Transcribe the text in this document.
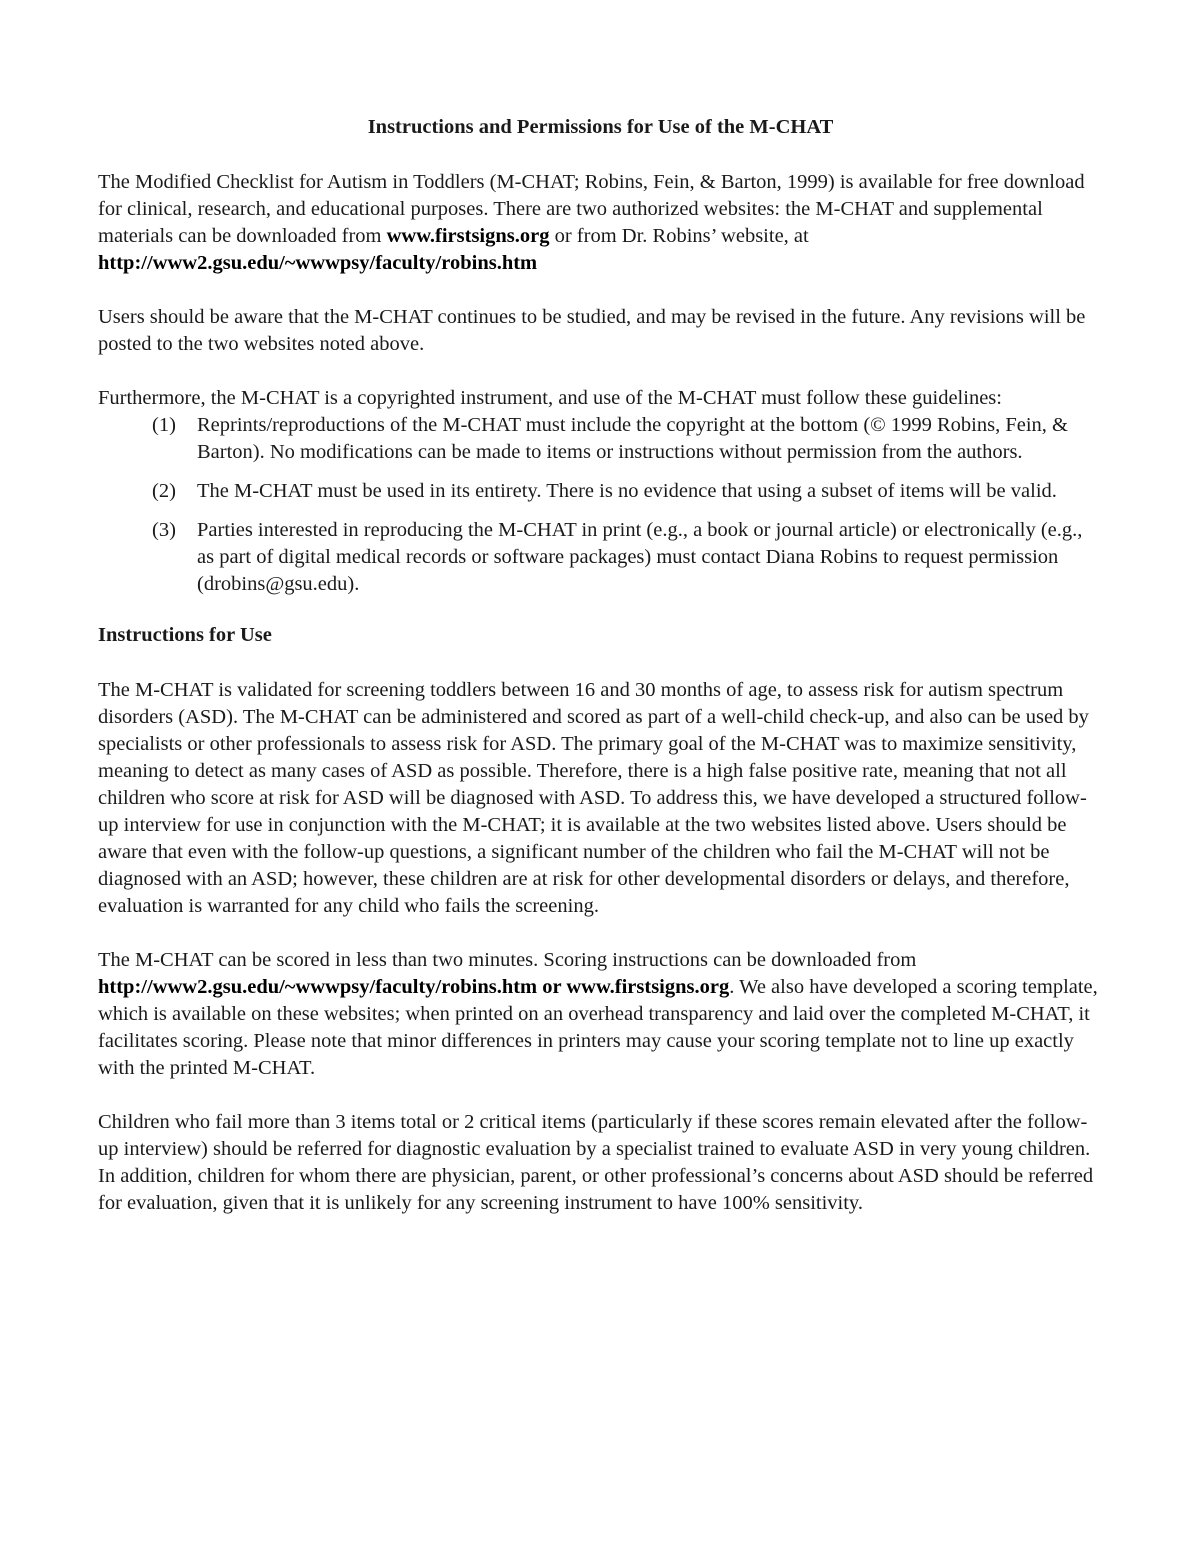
Instructions and Permissions for Use of the M-CHAT

The Modified Checklist for Autism in Toddlers (M-CHAT; Robins, Fein, & Barton, 1999) is available for free download for clinical, research, and educational purposes. There are two authorized websites: the M-CHAT and supplemental materials can be downloaded from www.firstsigns.org or from Dr. Robins’ website, at http://www2.gsu.edu/~wwwpsy/faculty/robins.htm

Users should be aware that the M-CHAT continues to be studied, and may be revised in the future. Any revisions will be posted to the two websites noted above.

Furthermore, the M-CHAT is a copyrighted instrument, and use of the M-CHAT must follow these guidelines:

(1) Reprints/reproductions of the M-CHAT must include the copyright at the bottom (© 1999 Robins, Fein, & Barton). No modifications can be made to items or instructions without permission from the authors.
(2) The M-CHAT must be used in its entirety. There is no evidence that using a subset of items will be valid.
(3) Parties interested in reproducing the M-CHAT in print (e.g., a book or journal article) or electronically (e.g., as part of digital medical records or software packages) must contact Diana Robins to request permission (drobins@gsu.edu).
Instructions for Use

The M-CHAT is validated for screening toddlers between 16 and 30 months of age, to assess risk for autism spectrum disorders (ASD). The M-CHAT can be administered and scored as part of a well-child check-up, and also can be used by specialists or other professionals to assess risk for ASD. The primary goal of the M-CHAT was to maximize sensitivity, meaning to detect as many cases of ASD as possible. Therefore, there is a high false positive rate, meaning that not all children who score at risk for ASD will be diagnosed with ASD. To address this, we have developed a structured follow-up interview for use in conjunction with the M-CHAT; it is available at the two websites listed above. Users should be aware that even with the follow-up questions, a significant number of the children who fail the M-CHAT will not be diagnosed with an ASD; however, these children are at risk for other developmental disorders or delays, and therefore, evaluation is warranted for any child who fails the screening.

The M-CHAT can be scored in less than two minutes. Scoring instructions can be downloaded from http://www2.gsu.edu/~wwwpsy/faculty/robins.htm or www.firstsigns.org. We also have developed a scoring template, which is available on these websites; when printed on an overhead transparency and laid over the completed M-CHAT, it facilitates scoring. Please note that minor differences in printers may cause your scoring template not to line up exactly with the printed M-CHAT.

Children who fail more than 3 items total or 2 critical items (particularly if these scores remain elevated after the follow-up interview) should be referred for diagnostic evaluation by a specialist trained to evaluate ASD in very young children. In addition, children for whom there are physician, parent, or other professional’s concerns about ASD should be referred for evaluation, given that it is unlikely for any screening instrument to have 100% sensitivity.
